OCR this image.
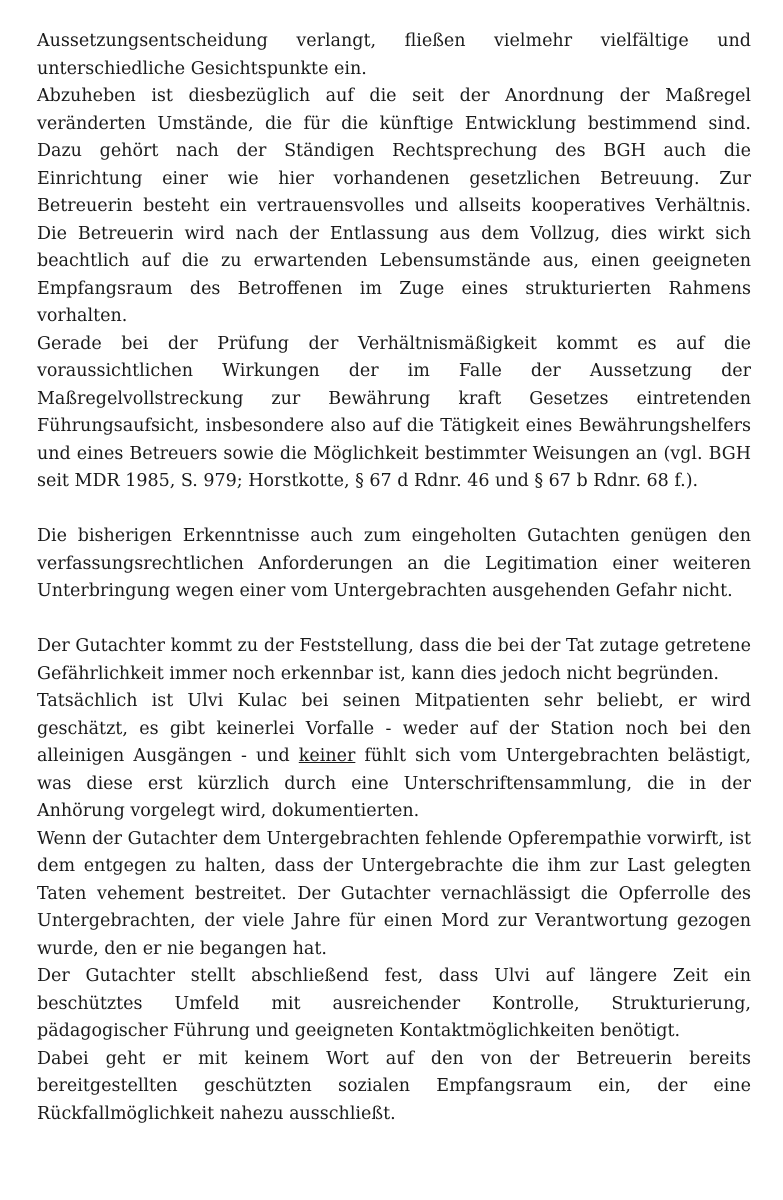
Aussetzungsentscheidung verlangt, fließen vielmehr vielfältige und unterschiedliche Gesichtspunkte ein.

Abzuheben ist diesbezüglich auf die seit der Anordnung der Maßregel veränderten Umstände, die für die künftige Entwicklung bestimmend sind. Dazu gehört nach der Ständigen Rechtsprechung des BGH auch die Einrichtung einer wie hier vorhandenen gesetzlichen Betreuung. Zur Betreuerin besteht ein vertrauensvolles und allseits kooperatives Verhältnis. Die Betreuerin wird nach der Entlassung aus dem Vollzug, dies wirkt sich beachtlich auf die zu erwartenden Lebensumstände aus, einen geeigneten Empfangsraum des Betroffenen im Zuge eines strukturierten Rahmens vorhalten.

Gerade bei der Prüfung der Verhältnismäßigkeit kommt es auf die voraussichtlichen Wirkungen der im Falle der Aussetzung der Maßregelvollstreckung zur Bewährung kraft Gesetzes eintretenden Führungsaufsicht, insbesondere also auf die Tätigkeit eines Bewährungshelfers und eines Betreuers sowie die Möglichkeit bestimmter Weisungen an (vgl. BGH seit MDR 1985, S. 979; Horstkotte, § 67 d Rdnr. 46 und § 67 b Rdnr. 68 f.).

Die bisherigen Erkenntnisse auch zum eingeholten Gutachten genügen den verfassungsrechtlichen Anforderungen an die Legitimation einer weiteren Unterbringung wegen einer vom Untergebrachten ausgehenden Gefahr nicht.

Der Gutachter kommt zu der Feststellung, dass die bei der Tat zutage getretene Gefährlichkeit immer noch erkennbar ist, kann dies jedoch nicht begründen.

Tatsächlich ist Ulvi Kulac bei seinen Mitpatienten sehr beliebt, er wird geschätzt, es gibt keinerlei Vorfalle - weder auf der Station noch bei den alleinigen Ausgängen - und keiner fühlt sich vom Untergebrachten belästigt, was diese erst kürzlich durch eine Unterschriftensammlung, die in der Anhörung vorgelegt wird, dokumentierten.

Wenn der Gutachter dem Untergebrachten fehlende Opferempathie vorwirft, ist dem entgegen zu halten, dass der Untergebrachte die ihm zur Last gelegten Taten vehement bestreitet. Der Gutachter vernachlässigt die Opferrolle des Untergebrachten, der viele Jahre für einen Mord zur Verantwortung gezogen wurde, den er nie begangen hat.

Der Gutachter stellt abschließend fest, dass Ulvi auf längere Zeit ein beschütztes Umfeld mit ausreichender Kontrolle, Strukturierung, pädagogischer Führung und geeigneten Kontaktmöglichkeiten benötigt.

Dabei geht er mit keinem Wort auf den von der Betreuerin bereits bereitgestellten geschützten sozialen Empfangsraum ein, der eine Rückfallmöglichkeit nahezu ausschließt.
